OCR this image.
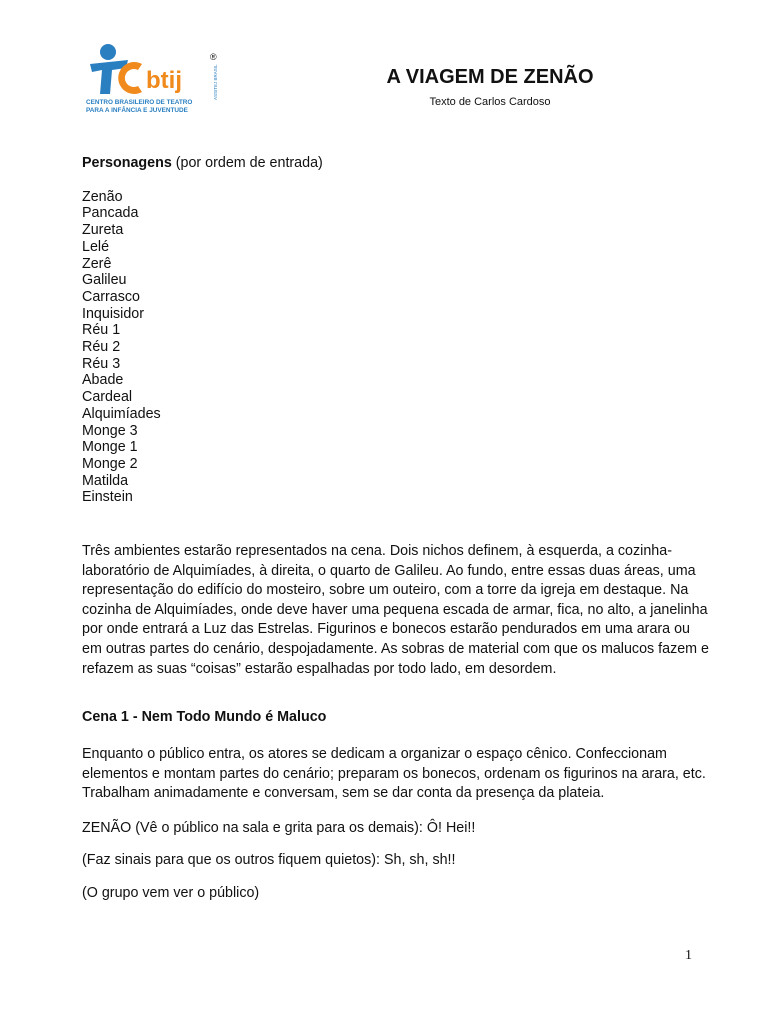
btij
®
CENTRO BRASILEIRO DE TEATRO
PARA A INFÂNCIA E JUVENTUDE
ASSITEJ BRASIL	A VIAGEM DE ZENÃO
Texto de Carlos Cardoso

Personagens (por ordem de entrada)

Zenão
Pancada
Zureta
Lelé
Zerê
Galileu
Carrasco
Inquisidor
Réu 1
Réu 2
Réu 3
Abade
Cardeal
Alquimíades
Monge 3
Monge 1
Monge 2
Matilda
Einstein

Três ambientes estarão representados na cena. Dois nichos definem, à esquerda, a cozinha-laboratório de Alquimíades, à direita, o quarto de Galileu. Ao fundo, entre essas duas áreas, uma representação do edifício do mosteiro, sobre um outeiro, com a torre da igreja em destaque. Na cozinha de Alquimíades, onde deve haver uma pequena escada de armar, fica, no alto, a janelinha por onde entrará a Luz das Estrelas. Figurinos e bonecos estarão pendurados em uma arara ou em outras partes do cenário, despojadamente. As sobras de material com que os malucos fazem e refazem as suas “coisas” estarão espalhadas por todo lado, em desordem.

Cena 1 - Nem Todo Mundo é Maluco

Enquanto o público entra, os atores se dedicam a organizar o espaço cênico. Confeccionam elementos e montam partes do cenário; preparam os bonecos, ordenam os figurinos na arara, etc. Trabalham animadamente e conversam, sem se dar conta da presença da plateia.

ZENÃO (Vê o público na sala e grita para os demais): Ô! Hei!!

(Faz sinais para que os outros fiquem quietos): Sh, sh, sh!!

(O grupo vem ver o público)

1
